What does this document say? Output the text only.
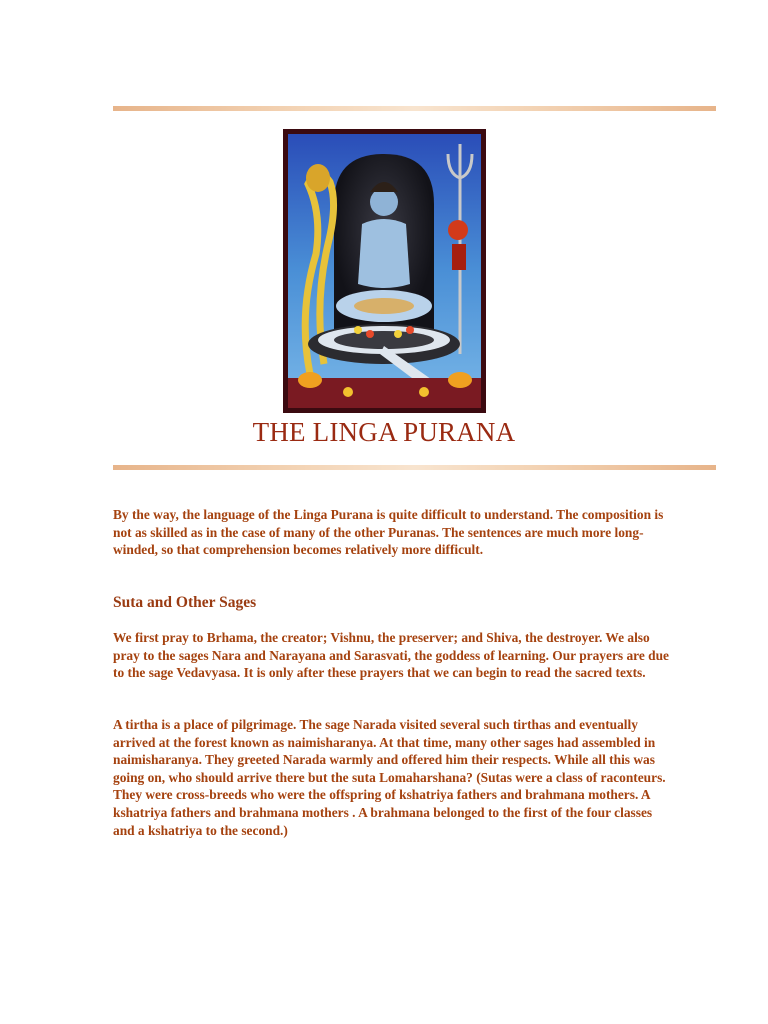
THE LINGA PURANA

By the way, the language of the Linga Purana is quite difficult to understand. The composition is not as skilled as in the case of many of the other Puranas. The sentences are much more long-winded, so that comprehension becomes relatively more difficult.

Suta and Other Sages

We first pray to Brhama, the creator; Vishnu, the preserver; and Shiva, the destroyer. We also pray to the sages Nara and Narayana and Sarasvati, the goddess of learning. Our prayers are due to the sage Vedavyasa. It is only after these prayers that we can begin to read the sacred texts.

A tirtha is a place of pilgrimage. The sage Narada visited several such tirthas and eventually arrived at the forest known as naimisharanya. At that time, many other sages had assembled in naimisharanya. They greeted Narada warmly and offered him their respects. While all this was going on, who should arrive there but the suta Lomaharshana? (Sutas were a class of raconteurs. They were cross-breeds who were the offspring of kshatriya fathers and brahmana mothers. A kshatriya fathers and brahmana mothers . A brahmana belonged to the first of the four classes and a kshatriya to the second.)
